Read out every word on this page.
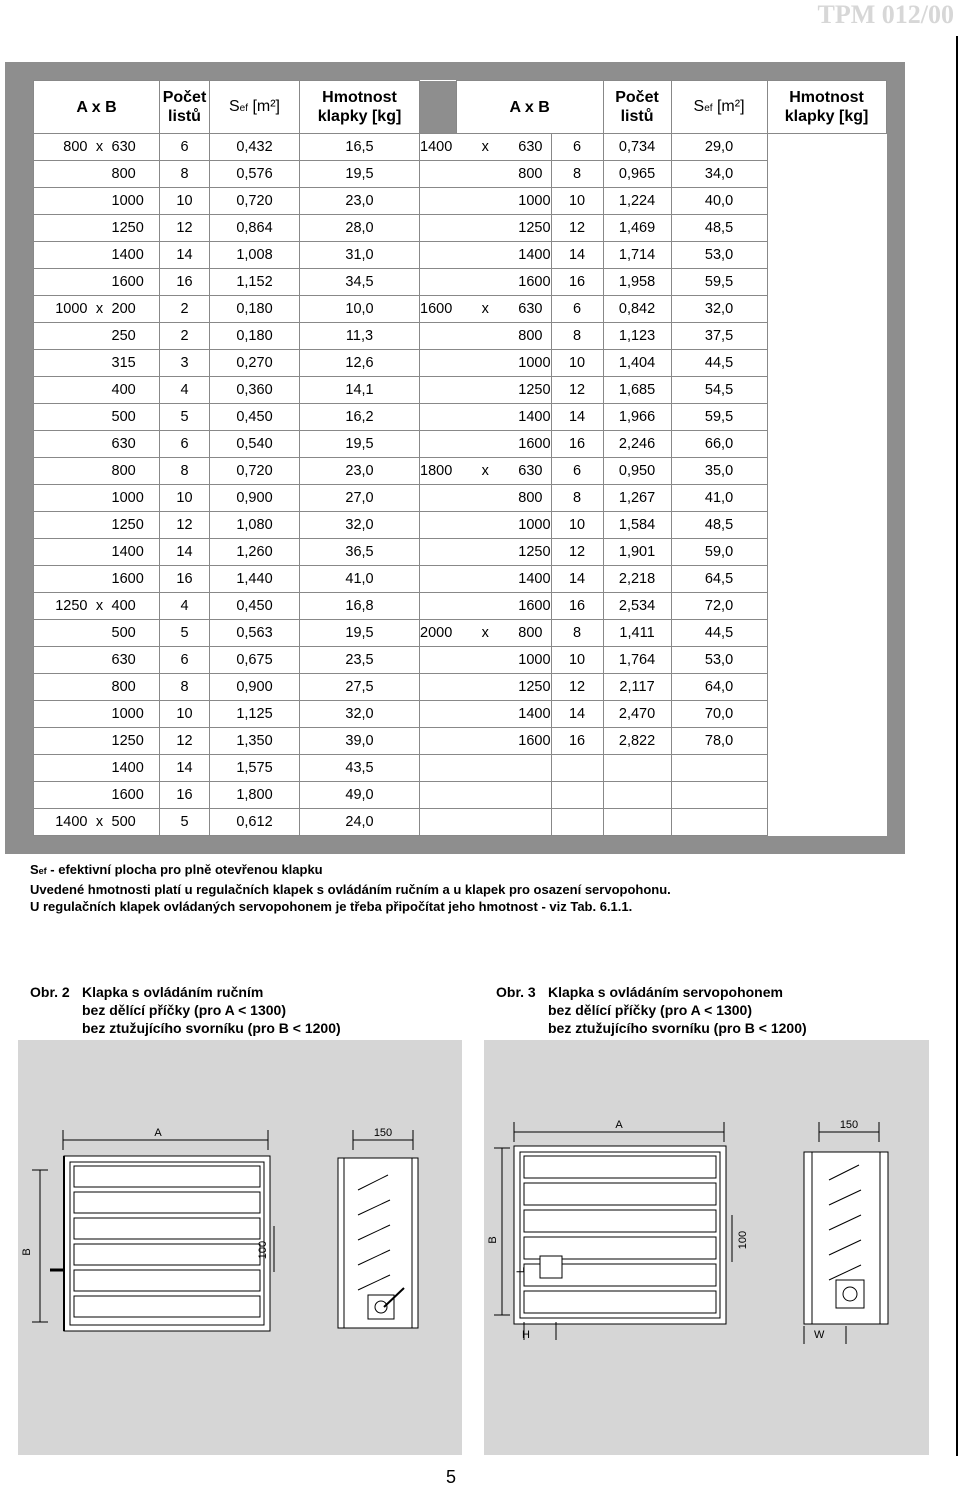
TPM 012/00
A x B			Počet
listů	Sef [m²]	Hmotnost
klapky [kg]		A x B			Počet
listů	Sef [m²]	Hmotnost
klapky [kg]
800	x	630	6	0,432	16,5	1400	x	630	6	0,734	29,0	
		800	8	0,576	19,5			800	8	0,965	34,0	
		1000	10	0,720	23,0			1000	10	1,224	40,0	
		1250	12	0,864	28,0			1250	12	1,469	48,5	
		1400	14	1,008	31,0			1400	14	1,714	53,0	
		1600	16	1,152	34,5			1600	16	1,958	59,5	
1000	x	200	2	0,180	10,0	1600	x	630	6	0,842	32,0	
		250	2	0,180	11,3			800	8	1,123	37,5	
		315	3	0,270	12,6			1000	10	1,404	44,5	
		400	4	0,360	14,1			1250	12	1,685	54,5	
		500	5	0,450	16,2			1400	14	1,966	59,5	
		630	6	0,540	19,5			1600	16	2,246	66,0	
		800	8	0,720	23,0	1800	x	630	6	0,950	35,0	
		1000	10	0,900	27,0			800	8	1,267	41,0	
		1250	12	1,080	32,0			1000	10	1,584	48,5	
		1400	14	1,260	36,5			1250	12	1,901	59,0	
		1600	16	1,440	41,0			1400	14	2,218	64,5	
1250	x	400	4	0,450	16,8			1600	16	2,534	72,0	
		500	5	0,563	19,5	2000	x	800	8	1,411	44,5	
		630	6	0,675	23,5			1000	10	1,764	53,0	
		800	8	0,900	27,5			1250	12	2,117	64,0	
		1000	10	1,125	32,0			1400	14	2,470	70,0	
		1250	12	1,350	39,0			1600	16	2,822	78,0	
		1400	14	1,575	43,5							
		1600	16	1,800	49,0							
1400	x	500	5	0,612	24,0							
Sef - efektivní plocha pro plně otevřenou klapku
Uvedené hmotnosti platí u regulačních klapek s ovládáním ručním a u klapek pro osazení servopohonu.
U regulačních klapek ovládaných servopohonem je třeba připočítat jeho hmotnost - viz Tab. 6.1.1.
Obr. 2 Klapka s ovládáním ručním
bez dělící příčky (pro A < 1300)
bez ztužujícího svorníku (pro B < 1200)
Obr. 3 Klapka s ovládáním servopohonem
bez dělící příčky (pro A < 1300)
bez ztužujícího svorníku (pro B < 1200)
A	150
B	100
A	150
B	100
L
H	W
5
